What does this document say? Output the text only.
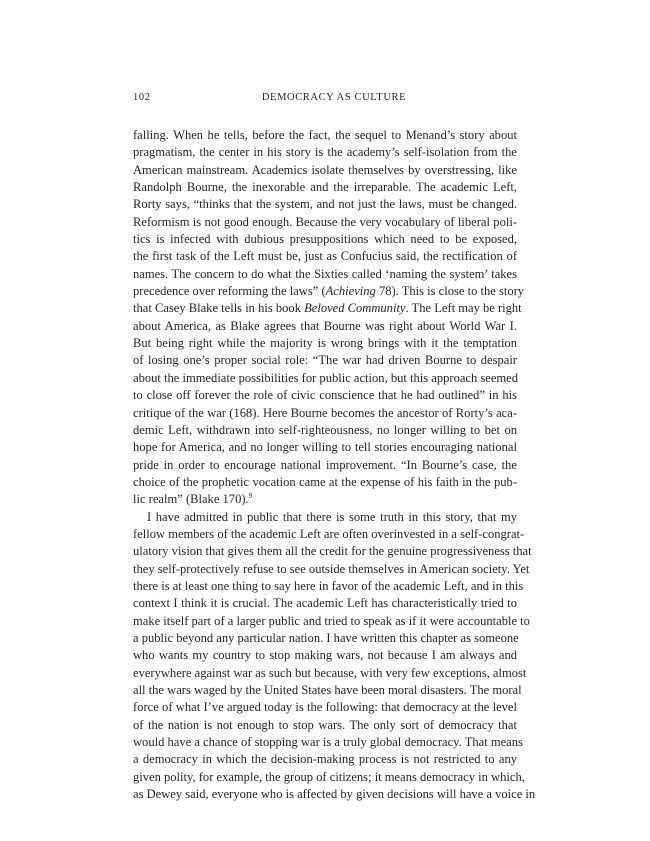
102	DEMOCRACY AS CULTURE
falling. When he tells, before the fact, the sequel to Menand’s story about
pragmatism, the center in his story is the academy’s self-isolation from the
American mainstream. Academics isolate themselves by overstressing, like
Randolph Bourne, the inexorable and the irreparable. The academic Left,
Rorty says, “thinks that the system, and not just the laws, must be changed.
Reformism is not good enough. Because the very vocabulary of liberal poli-
tics is infected with dubious presuppositions which need to be exposed,
the first task of the Left must be, just as Confucius said, the rectification of
names. The concern to do what the Sixties called ‘naming the system’ takes
precedence over reforming the laws” (Achieving 78). This is close to the story
that Casey Blake tells in his book Beloved Community. The Left may be right
about America, as Blake agrees that Bourne was right about World War I.
But being right while the majority is wrong brings with it the temptation
of losing one’s proper social role: “The war had driven Bourne to despair
about the immediate possibilities for public action, but this approach seemed
to close off forever the role of civic conscience that he had outlined” in his
critique of the war (168). Here Bourne becomes the ancestor of Rorty’s aca-
demic Left, withdrawn into self-righteousness, no longer willing to bet on
hope for America, and no longer willing to tell stories encouraging national
pride in order to encourage national improvement. “In Bourne’s case, the
choice of the prophetic vocation came at the expense of his faith in the pub-
lic realm” (Blake 170).$^9$
I have admitted in public that there is some truth in this story, that my
fellow members of the academic Left are often overinvested in a self-congrat-
ulatory vision that gives them all the credit for the genuine progressiveness that
they self-protectively refuse to see outside themselves in American society. Yet
there is at least one thing to say here in favor of the academic Left, and in this
context I think it is crucial. The academic Left has characteristically tried to
make itself part of a larger public and tried to speak as if it were accountable to
a public beyond any particular nation. I have written this chapter as someone
who wants my country to stop making wars, not because I am always and
everywhere against war as such but because, with very few exceptions, almost
all the wars waged by the United States have been moral disasters. The moral
force of what I’ve argued today is the following: that democracy at the level
of the nation is not enough to stop wars. The only sort of democracy that
would have a chance of stopping war is a truly global democracy. That means
a democracy in which the decision-making process is not restricted to any
given polity, for example, the group of citizens; it means democracy in which,
as Dewey said, everyone who is affected by given decisions will have a voice in
